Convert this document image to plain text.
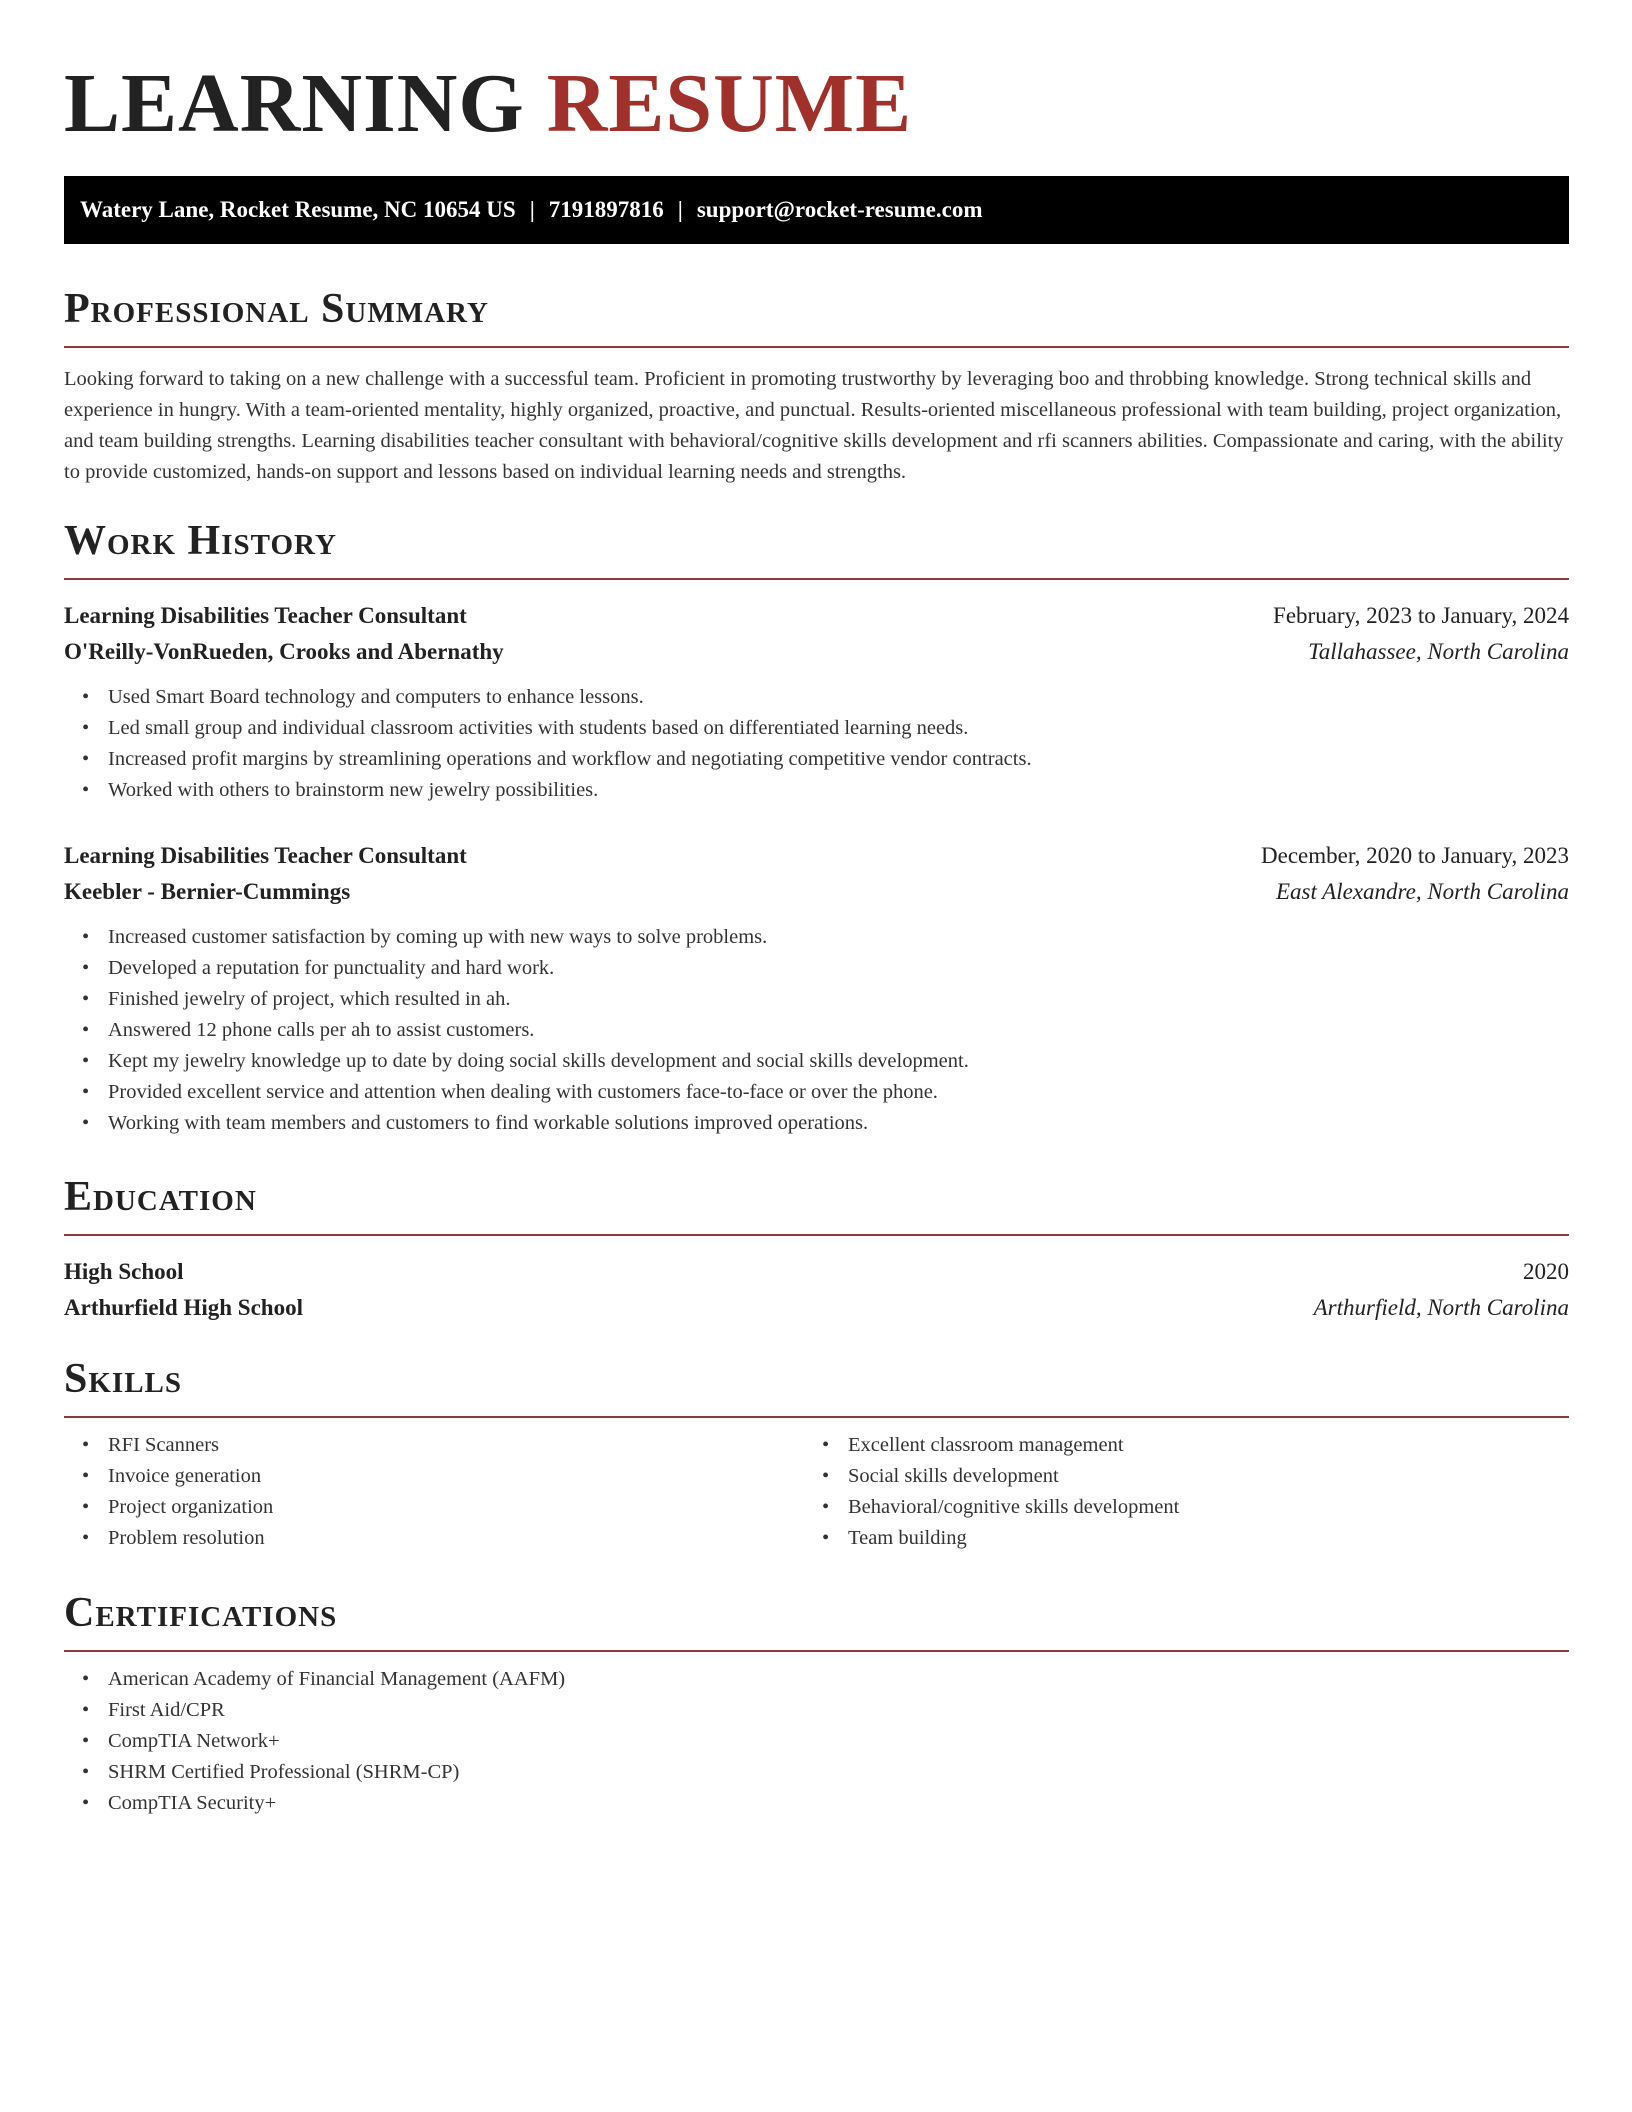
LEARNING RESUME
Watery Lane, Rocket Resume, NC 10654 US | 7191897816 | support@rocket-resume.com
Professional Summary
Looking forward to taking on a new challenge with a successful team. Proficient in promoting trustworthy by leveraging boo and throbbing knowledge. Strong technical skills and experience in hungry. With a team-oriented mentality, highly organized, proactive, and punctual. Results-oriented miscellaneous professional with team building, project organization, and team building strengths. Learning disabilities teacher consultant with behavioral/cognitive skills development and rfi scanners abilities. Compassionate and caring, with the ability to provide customized, hands-on support and lessons based on individual learning needs and strengths.
Work History
Learning Disabilities Teacher Consultant	February, 2023 to January, 2024
O'Reilly-VonRueden, Crooks and Abernathy	Tallahassee, North Carolina
• Used Smart Board technology and computers to enhance lessons.
• Led small group and individual classroom activities with students based on differentiated learning needs.
• Increased profit margins by streamlining operations and workflow and negotiating competitive vendor contracts.
• Worked with others to brainstorm new jewelry possibilities.
Learning Disabilities Teacher Consultant	December, 2020 to January, 2023
Keebler - Bernier-Cummings	East Alexandre, North Carolina
• Increased customer satisfaction by coming up with new ways to solve problems.
• Developed a reputation for punctuality and hard work.
• Finished jewelry of project, which resulted in ah.
• Answered 12 phone calls per ah to assist customers.
• Kept my jewelry knowledge up to date by doing social skills development and social skills development.
• Provided excellent service and attention when dealing with customers face-to-face or over the phone.
• Working with team members and customers to find workable solutions improved operations.
Education
High School	2020
Arthurfield High School	Arthurfield, North Carolina
Skills
• RFI Scanners
• Invoice generation
• Project organization
• Problem resolution
• Excellent classroom management
• Social skills development
• Behavioral/cognitive skills development
• Team building
Certifications
• American Academy of Financial Management (AAFM)
• First Aid/CPR
• CompTIA Network+
• SHRM Certified Professional (SHRM-CP)
• CompTIA Security+
